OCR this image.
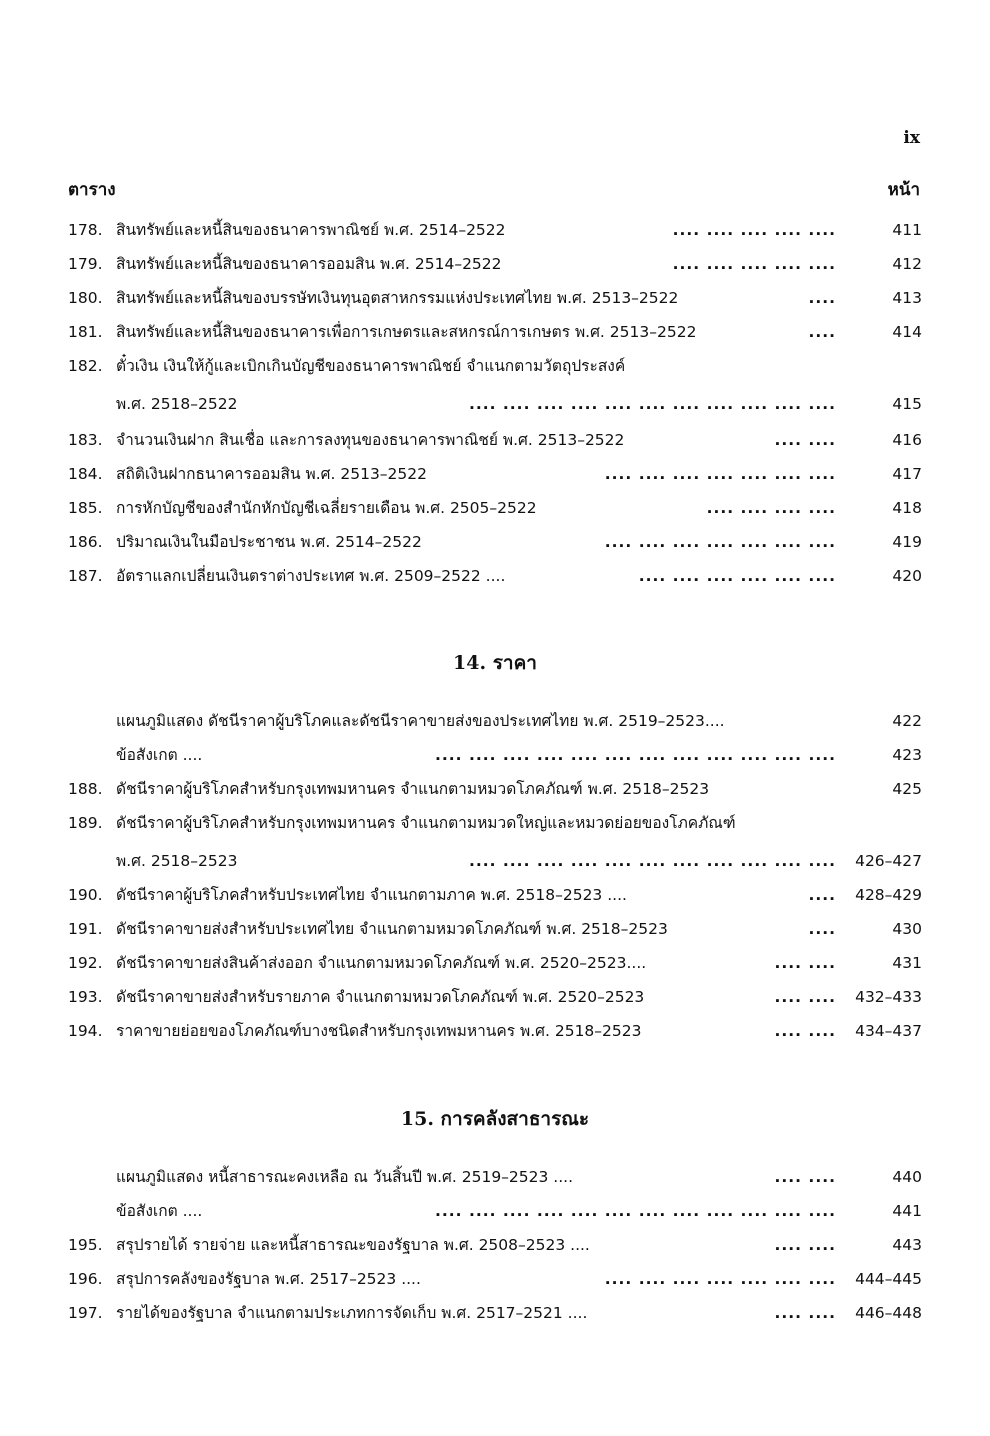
ix
ตาราง	หน้า
178. สินทรัพย์และหนี้สินของธนาคารพาณิชย์ พ.ศ. 2514–2522	.... .... .... .... ....	411
179. สินทรัพย์และหนี้สินของธนาคารออมสิน พ.ศ. 2514–2522	.... .... .... .... ....	412
180. สินทรัพย์และหนี้สินของบรรษัทเงินทุนอุตสาหกรรมแห่งประเทศไทย พ.ศ. 2513–2522	....	413
181. สินทรัพย์และหนี้สินของธนาคารเพื่อการเกษตรและสหกรณ์การเกษตร พ.ศ. 2513–2522	....	414
182. ตั๋วเงิน เงินให้กู้และเบิกเกินบัญชีของธนาคารพาณิชย์ จำแนกตามวัตถุประสงค์
พ.ศ. 2518–2522	.... .... .... .... .... .... .... .... .... .... ....	415
183. จำนวนเงินฝาก สินเชื่อ และการลงทุนของธนาคารพาณิชย์ พ.ศ. 2513–2522	.... ....	416
184. สถิติเงินฝากธนาคารออมสิน พ.ศ. 2513–2522	.... .... .... .... .... .... ....	417
185. การหักบัญชีของสำนักหักบัญชีเฉลี่ยรายเดือน พ.ศ. 2505–2522	.... .... .... ....	418
186. ปริมาณเงินในมือประชาชน พ.ศ. 2514–2522	.... .... .... .... .... .... ....	419
187. อัตราแลกเปลี่ยนเงินตราต่างประเทศ พ.ศ. 2509–2522 ....	.... .... .... .... .... ....	420
14. ราคา
แผนภูมิแสดง ดัชนีราคาผู้บริโภคและดัชนีราคาขายส่งของประเทศไทย พ.ศ. 2519–2523....	422
ข้อสังเกต ....	.... .... .... .... .... .... .... .... .... .... .... ....	423
188. ดัชนีราคาผู้บริโภคสำหรับกรุงเทพมหานคร จำแนกตามหมวดโภคภัณฑ์ พ.ศ. 2518–2523	425
189. ดัชนีราคาผู้บริโภคสำหรับกรุงเทพมหานคร จำแนกตามหมวดใหญ่และหมวดย่อยของโภคภัณฑ์
พ.ศ. 2518–2523	.... .... .... .... .... .... .... .... .... .... .... 426–427
190. ดัชนีราคาผู้บริโภคสำหรับประเทศไทย จำแนกตามภาค พ.ศ. 2518–2523 ....	.... 428–429
191. ดัชนีราคาขายส่งสำหรับประเทศไทย จำแนกตามหมวดโภคภัณฑ์ พ.ศ. 2518–2523	....	430
192. ดัชนีราคาขายส่งสินค้าส่งออก จำแนกตามหมวดโภคภัณฑ์ พ.ศ. 2520–2523....	.... ....	431
193. ดัชนีราคาขายส่งสำหรับรายภาค จำแนกตามหมวดโภคภัณฑ์ พ.ศ. 2520–2523	.... .... 432–433
194. ราคาขายย่อยของโภคภัณฑ์บางชนิดสำหรับกรุงเทพมหานคร พ.ศ. 2518–2523	.... .... 434–437
15. การคลังสาธารณะ
แผนภูมิแสดง หนี้สาธารณะคงเหลือ ณ วันสิ้นปี พ.ศ. 2519–2523 ....	.... ....	440
ข้อสังเกต ....	.... .... .... .... .... .... .... .... .... .... .... ....	441
195. สรุปรายได้ รายจ่าย และหนี้สาธารณะของรัฐบาล พ.ศ. 2508–2523 ....	.... ....	443
196. สรุปการคลังของรัฐบาล พ.ศ. 2517–2523 ....	.... .... .... .... .... .... .... 444–445
197. รายได้ของรัฐบาล จำแนกตามประเภทการจัดเก็บ พ.ศ. 2517–2521 ....	.... .... 446–448
